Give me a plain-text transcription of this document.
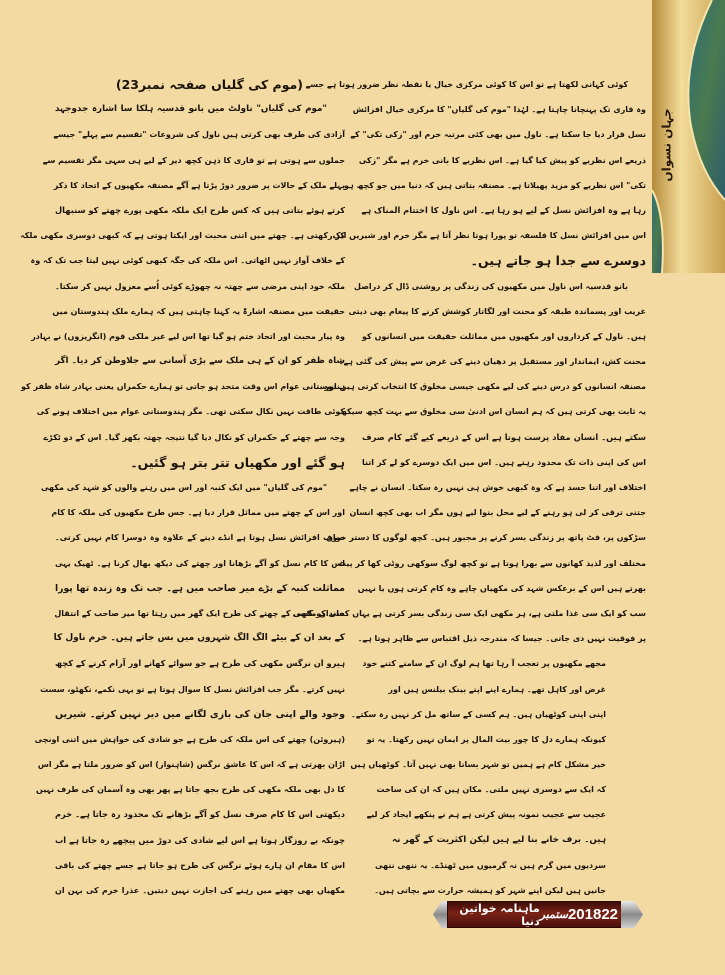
جہان نسواں
(موم کی گلیاں صفحہ نمبر23)
"موم کی گلیاں" ناولٹ میں بانو قدسیہ ہلکا سا اشارہ جدوجہد
آزادی کی طرف بھی کرتی ہیں ناول کی شروعات "تقسیم سے پہلے" جیسے
جملوں سے ہوتی ہے تو قاری کا ذہن کچھ دیر کے لیے ہی سہی مگر تقسیم سے
پہلے ملک کے حالات پر ضرور دوڑ پڑتا ہے آگے مصنفہ مکھیوں کے اتحاد کا ذکر
کرتے ہوئے بتاتی ہیں کہ کس طرح ایک ملکہ مکھی پورے چھتے کو سنبھال
کر رکھتی ہے۔ چھتے میں اتنی محبت اور ایکتا ہوتی ہے کہ کبھی دوسری مکھی ملکہ
کے خلاف آواز نہیں اٹھاتی۔ اس ملکہ کی جگہ کبھی کوئی نہیں لیتا جب تک کہ وہ
ملکہ خود اپنی مرضی سے چھتہ نہ چھوڑے کوئی اُسے معزول نہیں کر سکتا۔
حقیقت میں مصنفہ اشارۃً یہ کہنا چاہتی ہیں کہ ہمارے ملک ہندوستان میں
وہ پیار محبت اور اتحاد ختم ہو گیا تھا اس لیے غیر ملکی قوم (انگریزوں) نے بہادر
شاہ ظفر کو ان کے ہی ملک سے بڑی آسانی سے جلاوطن کر دیا۔ اگر
ہندوستانی عوام اس وقت متحد ہو جاتی تو ہمارے حکمراں یعنی بہادر شاہ ظفر کو
کوئی طاقت نہیں نکال سکتی تھی۔ مگر ہندوستانی عوام میں اختلاف ہونے کی
وجہ سے چھتے کے حکمراں کو نکال دیا گیا نتیجہ چھتہ بکھر گیا۔ اس کے دو ٹکڑے
ہو گئے اور مکھیاں تتر بتر ہو گئیں۔
"موم کی گلیاں" میں ایک کنبہ اور اس میں رہنے والوں کو شہد کی مکھی
اور اس کے چھتے میں مماثل قرار دیا ہے۔ جس طرح مکھیوں کی ملکہ کا کام
صرف افزائش نسل ہوتا ہے انڈے دینے کے علاوہ وہ دوسرا کام نہیں کرتی۔
اس کا کام نسل کو آگے بڑھانا اور چھتے کی دیکھ بھال کرنا ہے۔ ٹھیک یہی
مماثلت کنبہ کے بڑے میر صاحب میں ہے۔ جب تک وہ زندہ تھا پورا
خاندان مکھی کے چھتے کی طرح ایک گھر میں رہتا تھا میر صاحب کے انتقال
کے بعد ان کے بیٹے الگ الگ شہروں میں بس جاتے ہیں۔ خرم ناول کا
ہیرو ان نرگس مکھی کی طرح ہے جو سوائے کھانے اور آرام کرنے کے کچھ
نہیں کرتے۔ مگر جب افزائش نسل کا سوال ہوتا ہے تو یہی نکمے، نکھٹو، سست
وجود والے اپنی جان کی بازی لگانے میں دیر نہیں کرتے۔ شیریں
(ہیروئن) چھتے کی اس ملکہ کی طرح ہے جو شادی کی خواہش میں اتنی اونچی
اڑان بھرتی ہے کہ اس کا عاشق نرگس (شاہنواز) اس کو ضرور ملتا ہے مگر اس
کا دل بھی ملکہ مکھی کی طرح بجھ جاتا ہے پھر بھی وہ آسمان کی طرف نہیں
دیکھتی اس کا کام صرف نسل کو آگے بڑھانے تک محدود رہ جاتا ہے۔ خرم
چونکہ بے روزگار ہوتا ہے اس لیے شادی کی دوڑ میں پیچھے رہ جاتا ہے اب
اس کا مقام ان ہارے ہوئے نرگس کی طرح ہو جاتا ہے جسے چھتے کی باقی
مکھیاں بھی چھتے میں رہنے کی اجازت نہیں دیتیں۔ عذرا خرم کی بہن ان
کوئی کہانی لکھتا ہے تو اس کا کوئی مرکزی خیال یا نقطہ نظر ضرور ہوتا ہے جسے
وہ قاری تک پہنچانا چاہتا ہے۔ لہٰذا "موم کی گلیاں" کا مرکزی خیال افزائش
نسل قرار دیا جا سکتا ہے۔ ناول میں بھی کئی مرتبہ خرم اور "زکی تکی" کے
ذریعے اس نظریے کو پیش کیا گیا ہے۔ اس نظریے کا بانی خرم ہے مگر "زکی
تکی" اس نظریے کو مزید پھیلاتا ہے۔ مصنفہ بتاتی ہیں کہ دنیا میں جو کچھ ہو
رہا ہے وہ افزائش نسل کے لیے ہو رہا ہے۔ اس ناول کا اختتام المناک ہے
اس میں افزائش نسل کا فلسفہ تو پورا ہوتا نظر آتا ہے مگر خرم اور شیریں ایک
دوسرے سے جدا ہو جاتے ہیں۔
بانو قدسیہ اس ناول میں مکھیوں کی زندگی پر روشنی ڈال کر دراصل
غریب اور پسماندہ طبقہ کو محنت اور لگاتار کوشش کرنے کا پیغام بھی دیتی
ہیں۔ ناول کے کرداروں اور مکھیوں میں مماثلت حقیقت میں انسانوں کو
محنت کش، ایماندار اور مستقبل پر دھیان دینے کی غرض سے پیش کی گئی ہے۔
مصنفہ انسانوں کو درس دینے کی لیے مکھی جیسی مخلوق کا انتخاب کرتی ہیں اور
یہ ثابت بھی کرتی ہیں کہ ہم انسان اس ادنیٰ سی مخلوق سے بہت کچھ سیکھ
سکتے ہیں۔ انسان مفاد پرست ہوتا ہے اس کے ذریعے کیے گئے کام صرف
اس کی اپنی ذات تک محدود رہتے ہیں۔ اس میں ایک دوسرے کو لے کر اتنا
اختلاف اور اتنا حسد ہے کہ وہ کبھی خوش ہی نہیں رہ سکتا۔ انسان نے چاہے
جتنی ترقی کر لی ہو رہنے کے لیے محل بنوا لیے ہوں مگر اب بھی کچھ انسان
سڑکوں پر، فٹ پاتھ پر زندگی بسر کرنے پر مجبور ہیں۔ کچھ لوگوں کا دستر خوان
مختلف اور لذیذ کھانوں سے بھرا ہوتا ہے تو کچھ لوگ سوکھی روٹی کھا کر پیٹ
بھرتے ہیں اس کے برعکس شہد کی مکھیاں چاہے وہ کام کرتی ہوں یا نہیں
سب کو ایک سی غذا ملتی ہے، ہر مکھی ایک سی زندگی بسر کرتی ہے یہاں کسی کو کسی
پر فوقیت نہیں دی جاتی۔ جیسا کہ مندرجہ ذیل اقتباس سے ظاہر ہوتا ہے۔
مجھے مکھیوں پر تعجب آ رہا تھا ہم لوگ ان کے سامنے کتنے خود
غرض اور کاہل تھے۔ ہمارے اپنے اپنے بینک بیلنس ہیں اور
اپنی اپنی کوٹھیاں ہیں۔ ہم کسی کے ساتھ مل کر نہیں رہ سکتے۔
کیونکہ ہمارے دل کا چور بیت المال پر ایمان نہیں رکھتا۔ یہ تو
خیر مشکل کام ہے ہمیں تو شہر بسانا بھی نہیں آتا۔ کوٹھیاں ہیں
کہ ایک سے دوسری نہیں ملتی۔ مکان ہیں کہ ان کی ساخت
عجیب سے عجیب نمونہ پیش کرتی ہے ہم نے پنکھے ایجاد کر لیے
ہیں۔ برف خانے بنا لیے ہیں لیکن اکثریت کے گھر نہ
سردیوں میں گرم ہیں نہ گرمیوں میں ٹھنڈے۔ یہ ننھی ننھی
جانیں ہیں لیکن اپنے شہر کو ہمیشہ حرارت سے بچاتی ہیں۔
ماہنامہ خواتین دنیا ستمبر 2018 22
